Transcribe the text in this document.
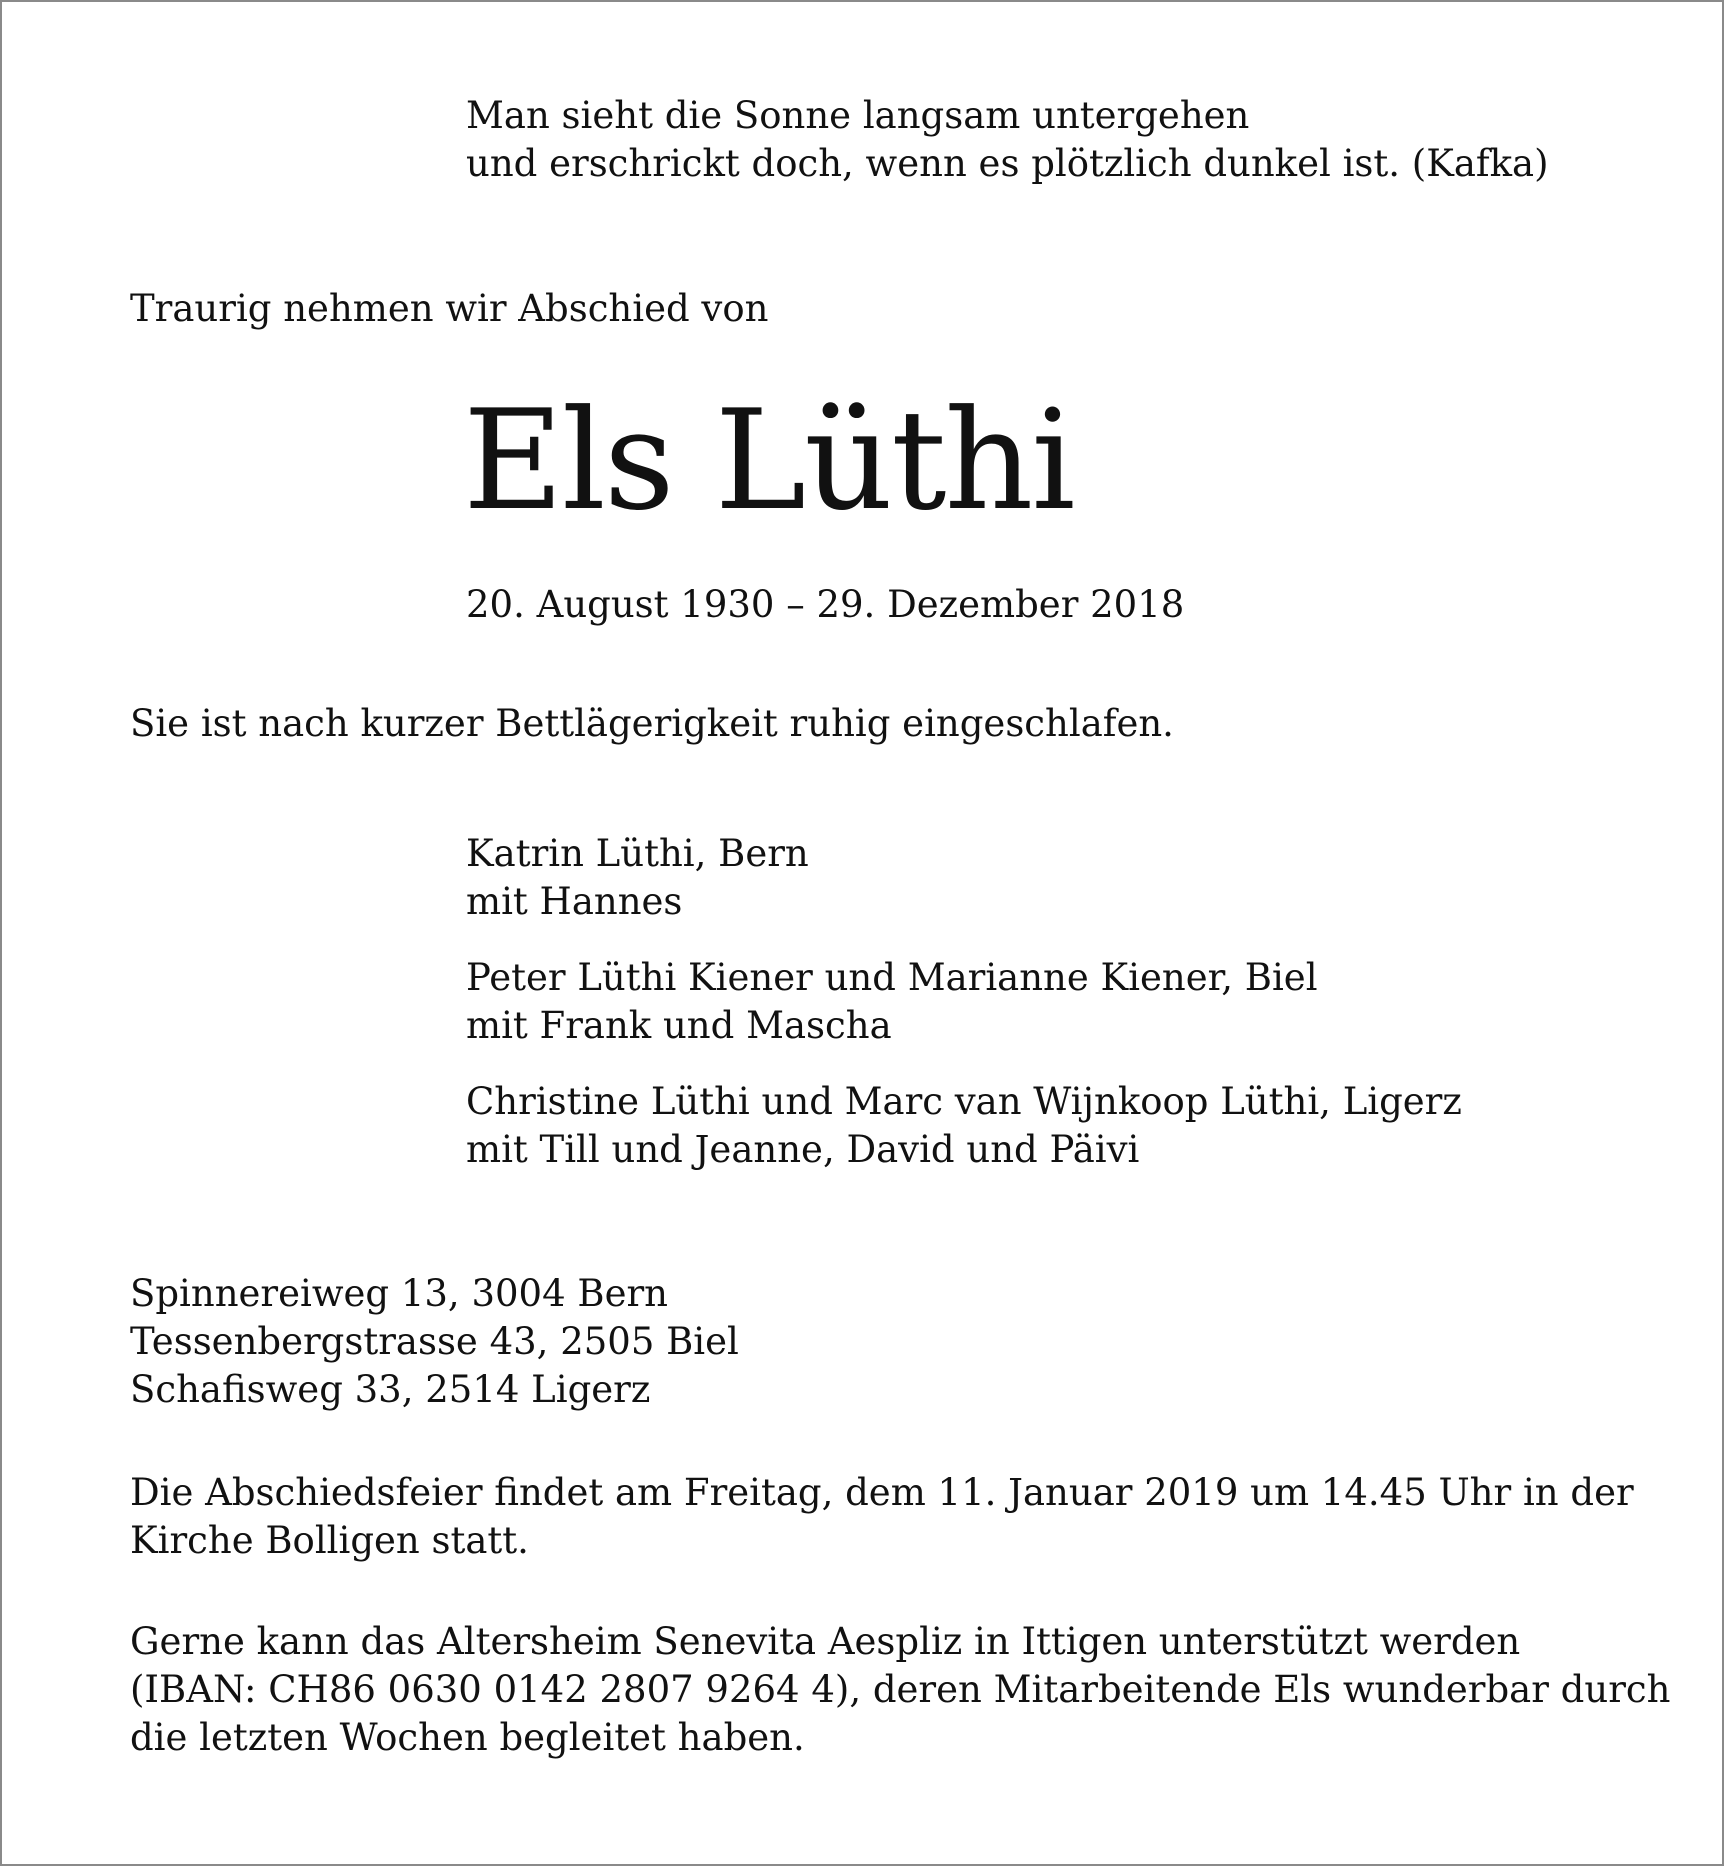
Man sieht die Sonne langsam untergehen
und erschrickt doch, wenn es plötzlich dunkel ist. (Kafka)
Traurig nehmen wir Abschied von
Els Lüthi
20. August 1930 – 29. Dezember 2018
Sie ist nach kurzer Bettlägerigkeit ruhig eingeschlafen.
Katrin Lüthi, Bern
mit Hannes
Peter Lüthi Kiener und Marianne Kiener, Biel
mit Frank und Mascha
Christine Lüthi und Marc van Wijnkoop Lüthi, Ligerz
mit Till und Jeanne, David und Päivi
Spinnereiweg 13, 3004 Bern
Tessenbergstrasse 43, 2505 Biel
Schafisweg 33, 2514 Ligerz
Die Abschiedsfeier findet am Freitag, dem 11. Januar 2019 um 14.45 Uhr in der
Kirche Bolligen statt.
Gerne kann das Altersheim Senevita Aespliz in Ittigen unterstützt werden
(IBAN: CH86 0630 0142 2807 9264 4), deren Mitarbeitende Els wunderbar durch
die letzten Wochen begleitet haben.
